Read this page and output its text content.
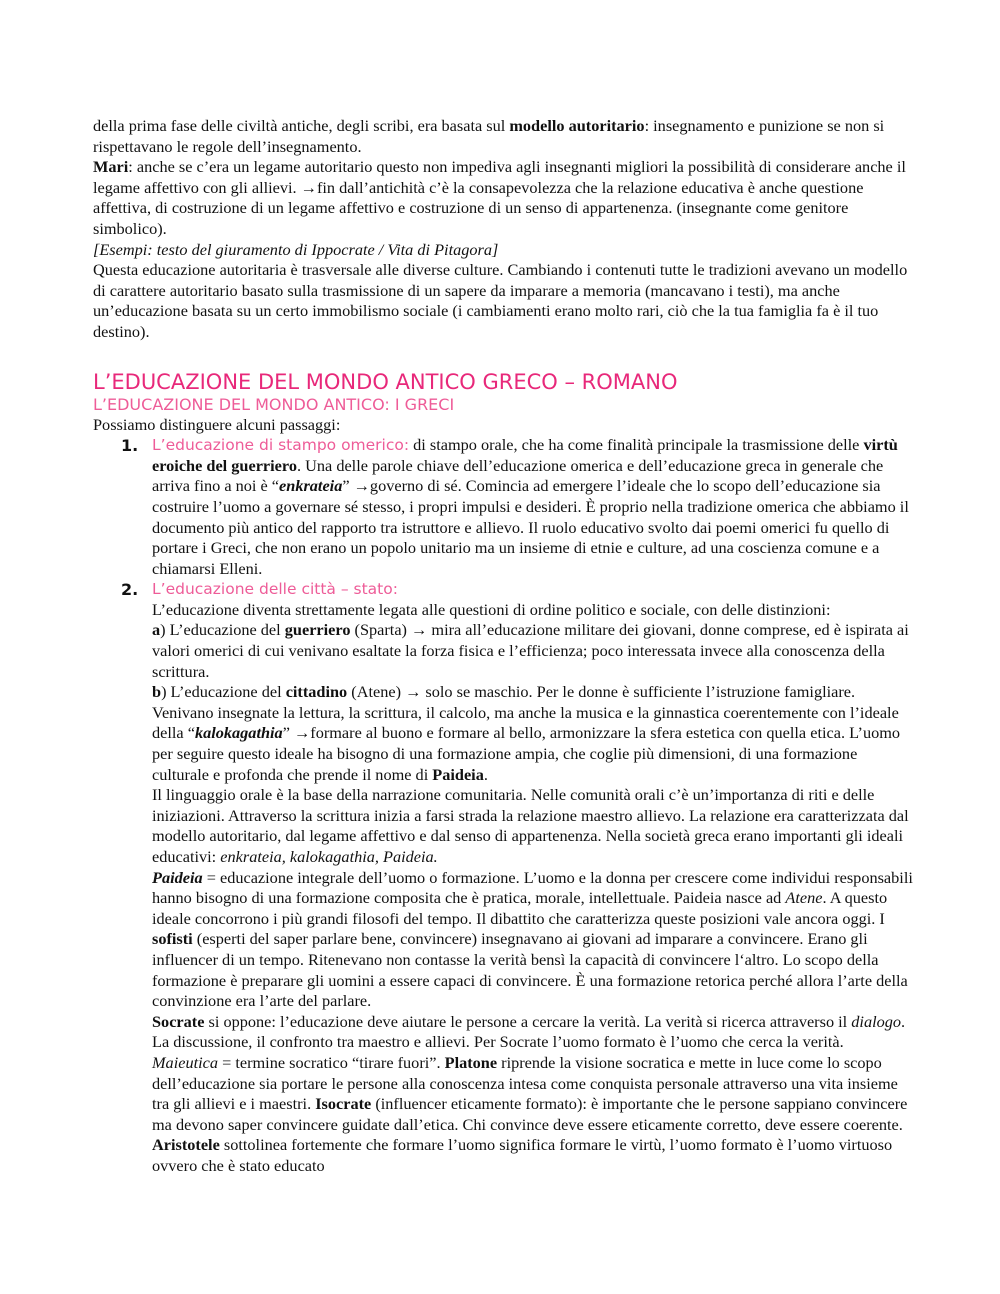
della prima fase delle civiltà antiche, degli scribi, era basata sul modello autoritario: insegnamento e punizione se non si rispettavano le regole dell’insegnamento.

Mari: anche se c’era un legame autoritario questo non impediva agli insegnanti migliori la possibilità di considerare anche il legame affettivo con gli allievi. →fin dall’antichità c’è la consapevolezza che la relazione educativa è anche questione affettiva, di costruzione di un legame affettivo e costruzione di un senso di appartenenza. (insegnante come genitore simbolico).

[Esempi: testo del giuramento di Ippocrate / Vita di Pitagora]

Questa educazione autoritaria è trasversale alle diverse culture. Cambiando i contenuti tutte le tradizioni avevano un modello di carattere autoritario basato sulla trasmissione di un sapere da imparare a memoria (mancavano i testi), ma anche un’educazione basata su un certo immobilismo sociale (i cambiamenti erano molto rari, ciò che la tua famiglia fa è il tuo destino).

L’EDUCAZIONE DEL MONDO ANTICO GRECO – ROMANO
L’EDUCAZIONE DEL MONDO ANTICO: I GRECI

Possiamo distinguere alcuni passaggi:

1. L’educazione di stampo omerico: di stampo orale, che ha come finalità principale la trasmissione delle virtù eroiche del guerriero. Una delle parole chiave dell’educazione omerica e dell’educazione greca in generale che arriva fino a noi è “enkrateia” →governo di sé. Comincia ad emergere l’ideale che lo scopo dell’educazione sia costruire l’uomo a governare sé stesso, i propri impulsi e desideri. È proprio nella tradizione omerica che abbiamo il documento più antico del rapporto tra istruttore e allievo. Il ruolo educativo svolto dai poemi omerici fu quello di portare i Greci, che non erano un popolo unitario ma un insieme di etnie e culture, ad una coscienza comune e a chiamarsi Elleni.

2. L’educazione delle città – stato:

L’educazione diventa strettamente legata alle questioni di ordine politico e sociale, con delle distinzioni:

a) L’educazione del guerriero (Sparta) → mira all’educazione militare dei giovani, donne comprese, ed è ispirata ai valori omerici di cui venivano esaltate la forza fisica e l’efficienza; poco interessata invece alla conoscenza della scrittura.

b) L’educazione del cittadino (Atene) → solo se maschio. Per le donne è sufficiente l’istruzione famigliare. Venivano insegnate la lettura, la scrittura, il calcolo, ma anche la musica e la ginnastica coerentemente con l’ideale della “kalokagathia” →formare al buono e formare al bello, armonizzare la sfera estetica con quella etica. L’uomo per seguire questo ideale ha bisogno di una formazione ampia, che coglie più dimensioni, di una formazione culturale e profonda che prende il nome di Paideia.

Il linguaggio orale è la base della narrazione comunitaria. Nelle comunità orali c’è un’importanza di riti e delle iniziazioni. Attraverso la scrittura inizia a farsi strada la relazione maestro allievo. La relazione era caratterizzata dal modello autoritario, dal legame affettivo e dal senso di appartenenza. Nella società greca erano importanti gli ideali educativi: enkrateia, kalokagathia, Paideia.

Paideia = educazione integrale dell’uomo o formazione. L’uomo e la donna per crescere come individui responsabili hanno bisogno di una formazione composita che è pratica, morale, intellettuale. Paideia nasce ad Atene. A questo ideale concorrono i più grandi filosofi del tempo. Il dibattito che caratterizza queste posizioni vale ancora oggi. I sofisti (esperti del saper parlare bene, convincere) insegnavano ai giovani ad imparare a convincere. Erano gli influencer di un tempo. Ritenevano non contasse la verità bensì la capacità di convincere l‘altro. Lo scopo della formazione è preparare gli uomini a essere capaci di convincere. È una formazione retorica perché allora l’arte della convinzione era l’arte del parlare.

Socrate si oppone: l’educazione deve aiutare le persone a cercare la verità. La verità si ricerca attraverso il dialogo. La discussione, il confronto tra maestro e allievi. Per Socrate l’uomo formato è l’uomo che cerca la verità. Maieutica = termine socratico “tirare fuori”. Platone riprende la visione socratica e mette in luce come lo scopo dell’educazione sia portare le persone alla conoscenza intesa come conquista personale attraverso una vita insieme tra gli allievi e i maestri. Isocrate (influencer eticamente formato): è importante che le persone sappiano convincere ma devono saper convincere guidate dall’etica. Chi convince deve essere eticamente corretto, deve essere coerente. Aristotele sottolinea fortemente che formare l’uomo significa formare le virtù, l’uomo formato è l’uomo virtuoso ovvero che è stato educato
